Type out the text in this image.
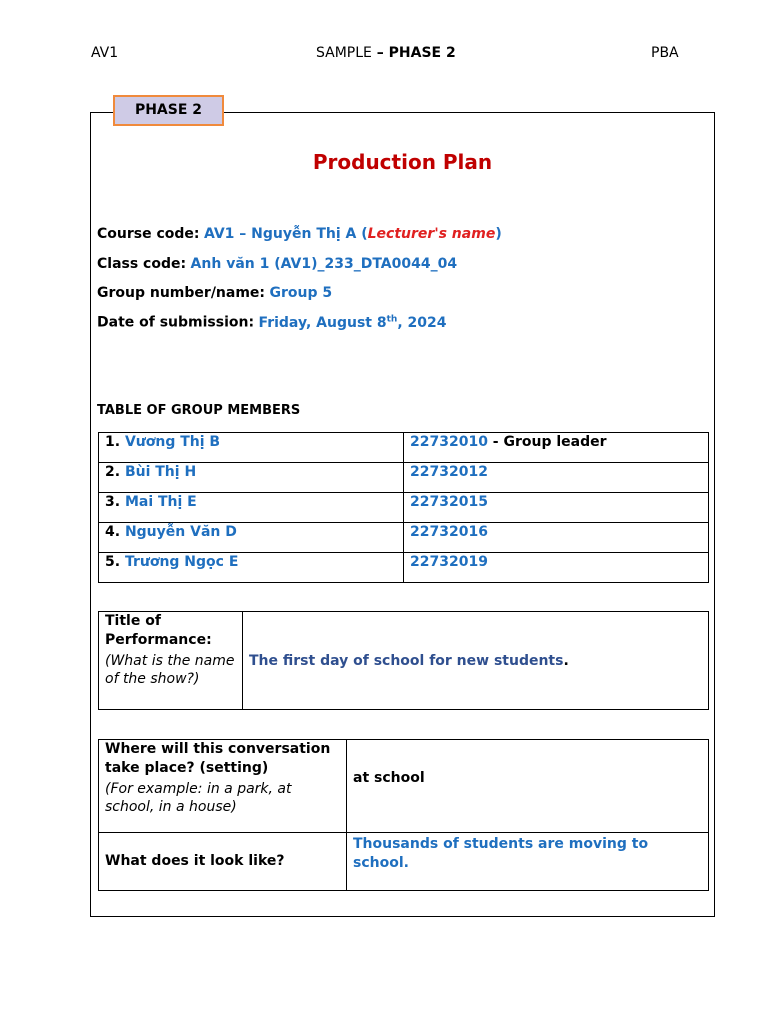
AV1	SAMPLE – PHASE 2	PBA
PHASE 2
Production Plan
Course code: AV1 – Nguyễn Thị A (Lecturer's name)
Class code: Anh văn 1 (AV1)_233_DTA0044_04
Group number/name: Group 5
Date of submission: Friday, August 8th, 2024
TABLE OF GROUP MEMBERS
1. Vương Thị B	22732010 - Group leader
2. Bùi Thị H	22732012
3. Mai Thị E	22732015
4. Nguyễn Văn D	22732016
5. Trương Ngọc E	22732019
Title of Performance:
(What is the name of the show?)
	The first day of school for new students.
Where will this conversation take place? (setting)
(For example: in a park, at school, in a house)	at school
What does it look like?	Thousands of students are moving to school.
